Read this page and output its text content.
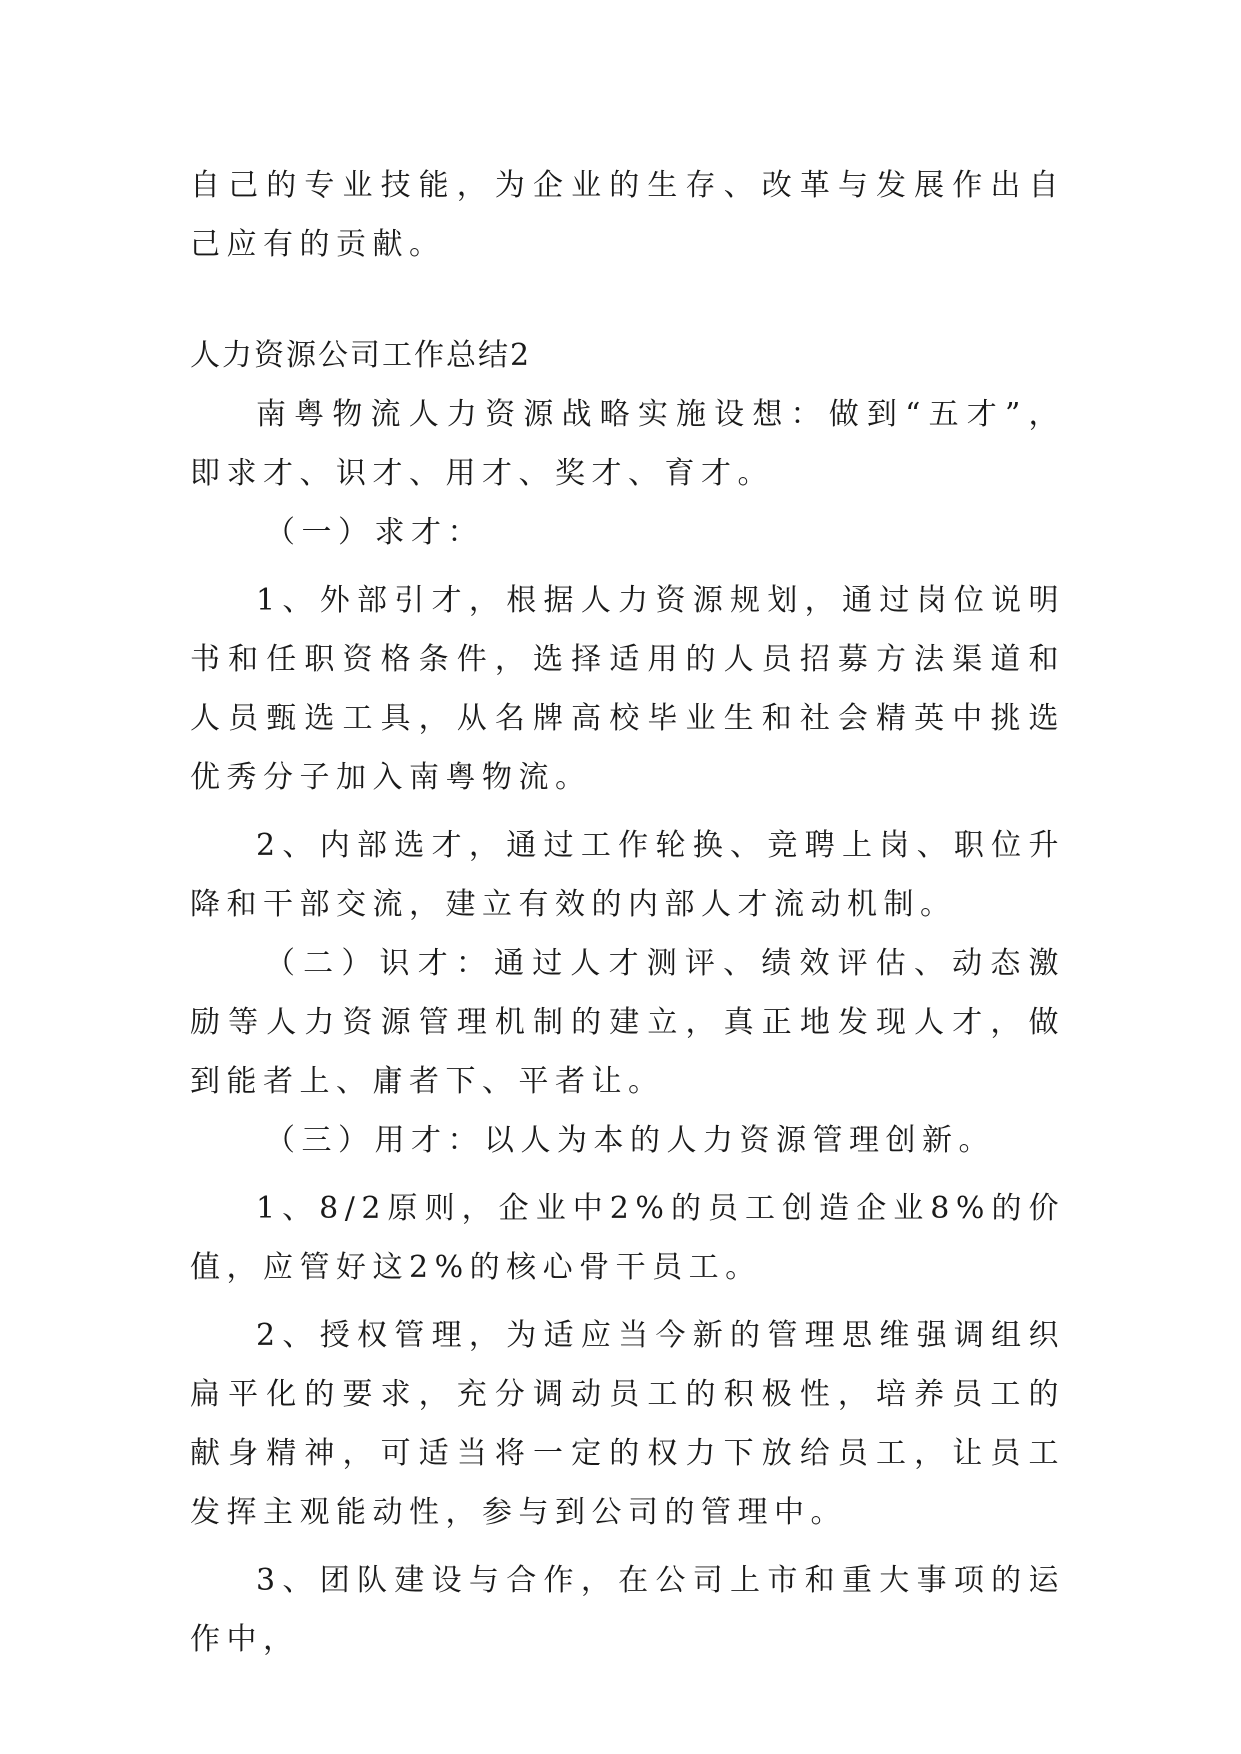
自己的专业技能，为企业的生存、改革与发展作出自己应有的贡献。

人力资源公司工作总结2

南粤物流人力资源战略实施设想：做到“五才”，即求才、识才、用才、奖才、育才。

（一）求才：

1、外部引才，根据人力资源规划，通过岗位说明书和任职资格条件，选择适用的人员招募方法渠道和人员甄选工具，从名牌高校毕业生和社会精英中挑选优秀分子加入南粤物流。

2、内部选才，通过工作轮换、竞聘上岗、职位升降和干部交流，建立有效的内部人才流动机制。

（二）识才：通过人才测评、绩效评估、动态激励等人力资源管理机制的建立，真正地发现人才，做到能者上、庸者下、平者让。

（三）用才：以人为本的人力资源管理创新。

1、8/2原则，企业中2%的员工创造企业8%的价值，应管好这2%的核心骨干员工。

2、授权管理，为适应当今新的管理思维强调组织扁平化的要求，充分调动员工的积极性，培养员工的献身精神，可适当将一定的权力下放给员工，让员工发挥主观能动性，参与到公司的管理中。

3、团队建设与合作，在公司上市和重大事项的运作中，
